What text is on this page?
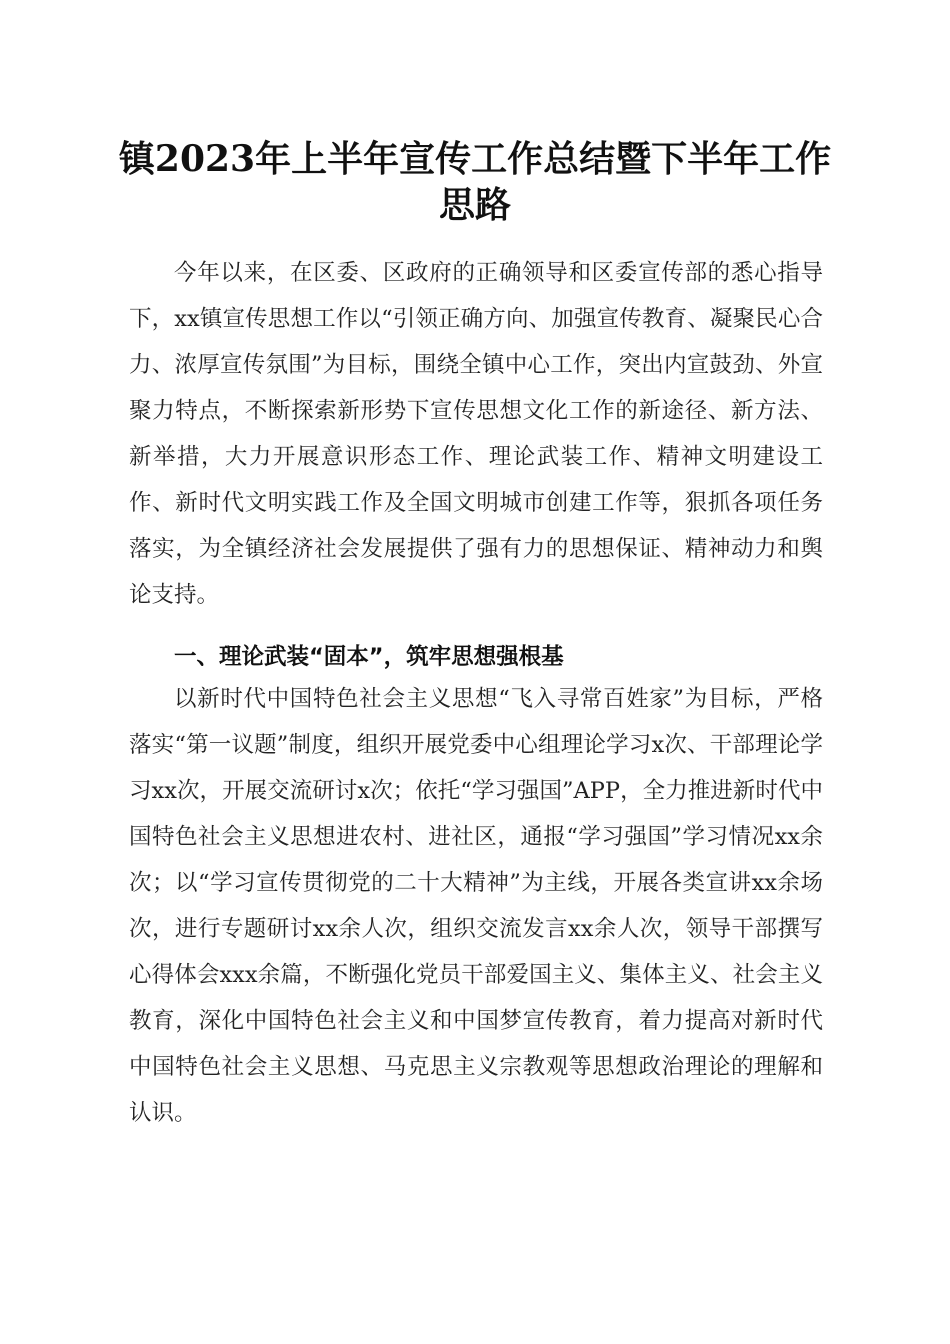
镇2023年上半年宣传工作总结暨下半年工作思路

今年以来，在区委、区政府的正确领导和区委宣传部的悉心指导下，xx镇宣传思想工作以“引领正确方向、加强宣传教育、凝聚民心合力、浓厚宣传氛围”为目标，围绕全镇中心工作，突出内宣鼓劲、外宣聚力特点，不断探索新形势下宣传思想文化工作的新途径、新方法、新举措，大力开展意识形态工作、理论武装工作、精神文明建设工作、新时代文明实践工作及全国文明城市创建工作等，狠抓各项任务落实，为全镇经济社会发展提供了强有力的思想保证、精神动力和舆论支持。

一、理论武装“固本”，筑牢思想强根基

以新时代中国特色社会主义思想“飞入寻常百姓家”为目标，严格落实“第一议题”制度，组织开展党委中心组理论学习x次、干部理论学习xx次，开展交流研讨x次；依托“学习强国”APP，全力推进新时代中国特色社会主义思想进农村、进社区，通报“学习强国”学习情况xx余次；以“学习宣传贯彻党的二十大精神”为主线，开展各类宣讲xx余场次，进行专题研讨xx余人次，组织交流发言xx余人次，领导干部撰写心得体会xxx余篇，不断强化党员干部爱国主义、集体主义、社会主义教育，深化中国特色社会主义和中国梦宣传教育，着力提高对新时代中国特色社会主义思想、马克思主义宗教观等思想政治理论的理解和认识。
